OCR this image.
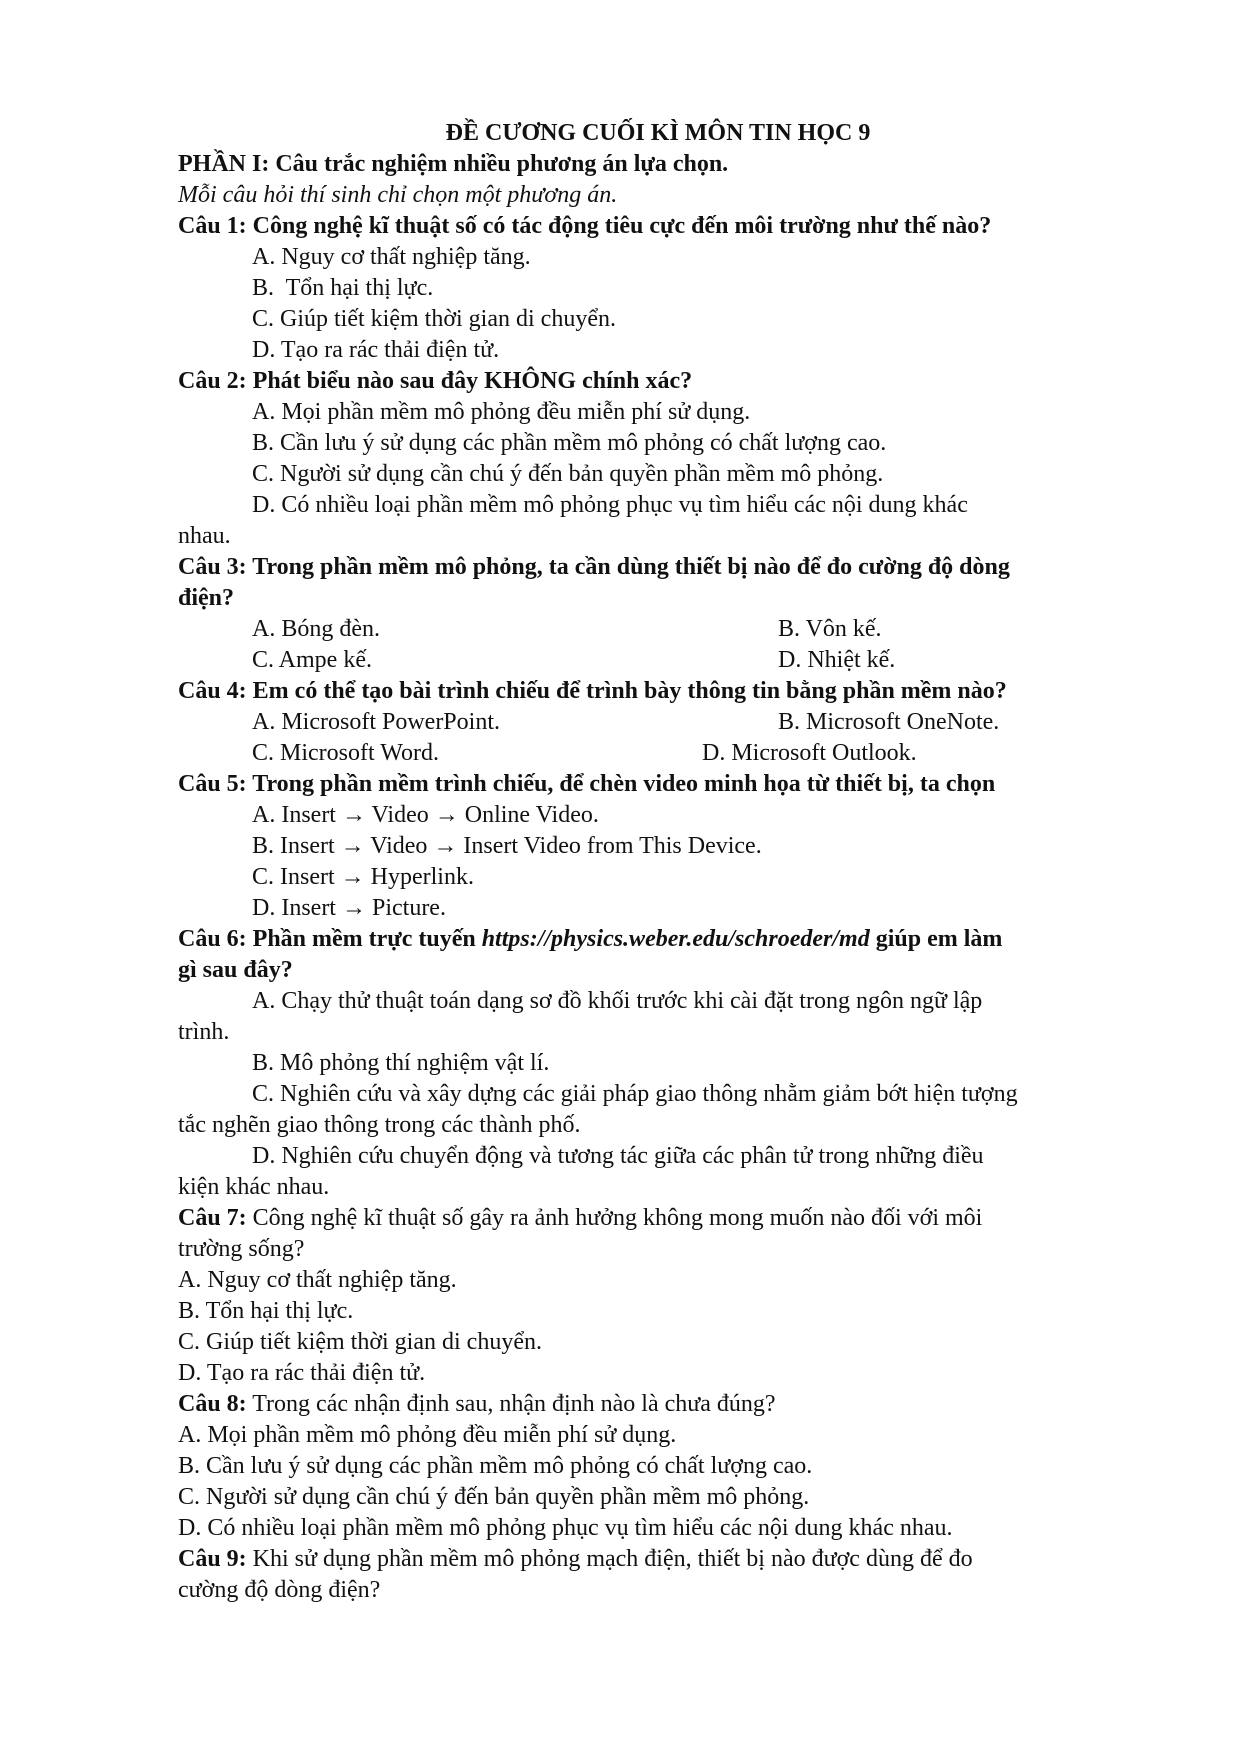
ĐỀ CƯƠNG CUỐI KÌ MÔN TIN HỌC 9
PHẦN I: Câu trắc nghiệm nhiều phương án lựa chọn.
Mỗi câu hỏi thí sinh chỉ chọn một phương án.
Câu 1: Công nghệ kĩ thuật số có tác động tiêu cực đến môi trường như thế nào?
A. Nguy cơ thất nghiệp tăng.
B.  Tổn hại thị lực.
C. Giúp tiết kiệm thời gian di chuyển.
D. Tạo ra rác thải điện tử.
Câu 2: Phát biểu nào sau đây KHÔNG chính xác?
A. Mọi phần mềm mô phỏng đều miễn phí sử dụng.
B. Cần lưu ý sử dụng các phần mềm mô phỏng có chất lượng cao.
C. Người sử dụng cần chú ý đến bản quyền phần mềm mô phỏng.
D. Có nhiều loại phần mềm mô phỏng phục vụ tìm hiểu các nội dung khác
nhau.
Câu 3: Trong phần mềm mô phỏng, ta cần dùng thiết bị nào để đo cường độ dòng
điện?
A. Bóng đèn.	B. Vôn kế.
C. Ampe kế.	D. Nhiệt kế.
Câu 4: Em có thể tạo bài trình chiếu để trình bày thông tin bằng phần mềm nào?
A. Microsoft PowerPoint.	B. Microsoft OneNote.
C. Microsoft Word.	D. Microsoft Outlook.
Câu 5: Trong phần mềm trình chiếu, để chèn video minh họa từ thiết bị, ta chọn
A. Insert → Video → Online Video.
B. Insert → Video → Insert Video from This Device.
C. Insert → Hyperlink.
D. Insert → Picture.
Câu 6: Phần mềm trực tuyến https://physics.weber.edu/schroeder/md giúp em làm
gì sau đây?
A. Chạy thử thuật toán dạng sơ đồ khối trước khi cài đặt trong ngôn ngữ lập
trình.
B. Mô phỏng thí nghiệm vật lí.
C. Nghiên cứu và xây dựng các giải pháp giao thông nhằm giảm bớt hiện tượng
tắc nghẽn giao thông trong các thành phố.
D. Nghiên cứu chuyển động và tương tác giữa các phân tử trong những điều
kiện khác nhau.
Câu 7: Công nghệ kĩ thuật số gây ra ảnh hưởng không mong muốn nào đối với môi
trường sống?
A. Nguy cơ thất nghiệp tăng.
B. Tổn hại thị lực.
C. Giúp tiết kiệm thời gian di chuyển.
D. Tạo ra rác thải điện tử.
Câu 8: Trong các nhận định sau, nhận định nào là chưa đúng?
A. Mọi phần mềm mô phỏng đều miễn phí sử dụng.
B. Cần lưu ý sử dụng các phần mềm mô phỏng có chất lượng cao.
C. Người sử dụng cần chú ý đến bản quyền phần mềm mô phỏng.
D. Có nhiều loại phần mềm mô phỏng phục vụ tìm hiểu các nội dung khác nhau.
Câu 9: Khi sử dụng phần mềm mô phỏng mạch điện, thiết bị nào được dùng để đo
cường độ dòng điện?
